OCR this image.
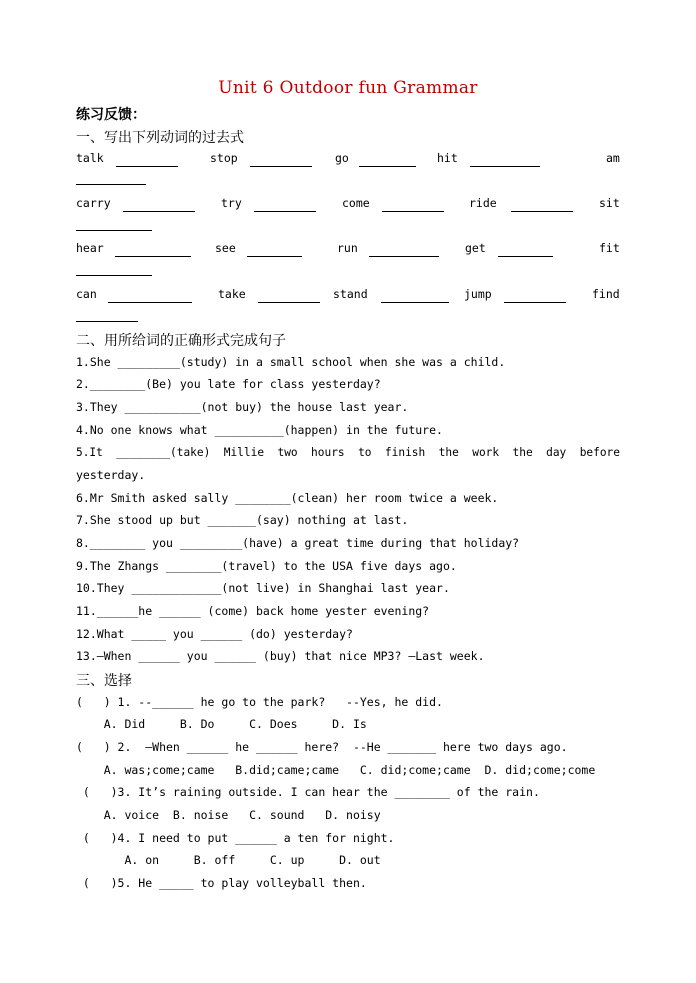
Unit 6 Outdoor fun Grammar
练习反馈：
一、写出下列动词的过去式
talk	stop	go	hit	am
carry	try	come	ride	sit
hear	see	run	get	fit
can	take	stand	jump	find
二、用所给词的正确形式完成句子
1.She _________(study) in a small school when she was a child.
2.________(Be) you late for class yesterday?
3.They ___________(not buy) the house last year.
4.No one knows what __________(happen) in the future.
5.It  ________(take)  Millie  two  hours  to  finish  the  work  the  day  before
yesterday.
6.Mr Smith asked sally ________(clean) her room twice a week.
7.She stood up but _______(say) nothing at last.
8.________ you _________(have) a great time during that holiday?
9.The Zhangs ________(travel) to the USA five days ago.
10.They _____________(not live) in Shanghai last year.
11.______he ______ (come) back home yester evening?
12.What _____ you ______ (do) yesterday?
13.–When ______ you ______ (buy) that nice MP3? –Last week.
三、选择
(   ) 1. --______ he go to the park?   --Yes, he did.
A. Did     B. Do     C. Does     D. Is
(   ) 2.  –When ______ he ______ here?  --He _______ here two days ago.
A. was;come;came   B.did;came;came   C. did;come;came  D. did;come;come
(   )3. It’s raining outside. I can hear the ________ of the rain.
A. voice  B. noise   C. sound   D. noisy
(   )4. I need to put ______ a ten for night.
A. on     B. off     C. up     D. out
(   )5. He _____ to play volleyball then.
